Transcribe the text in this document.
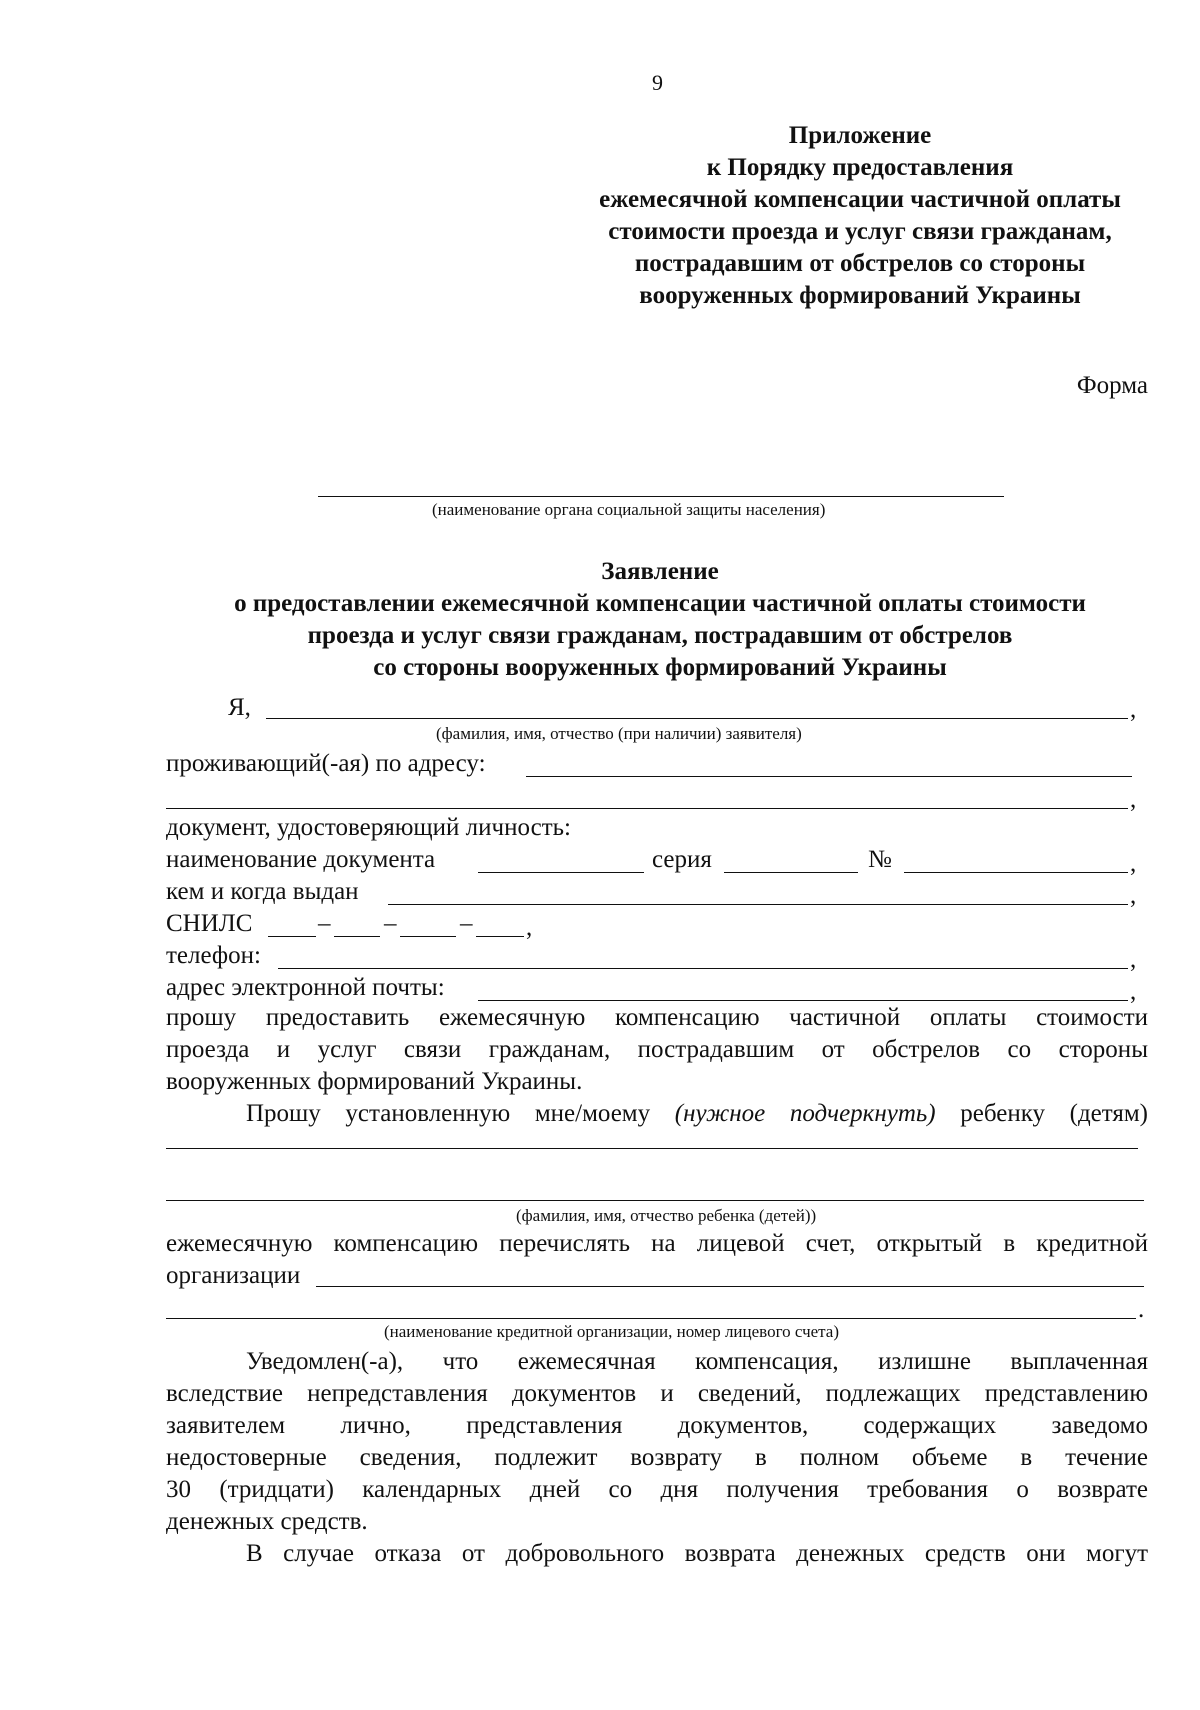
9
Приложение
к Порядку предоставления
ежемесячной компенсации частичной оплаты
стоимости проезда и услуг связи гражданам,
пострадавшим от обстрелов со стороны
вооруженных формирований Украины
Форма
(наименование органа социальной защиты населения)
Заявление
о предоставлении ежемесячной компенсации частичной оплаты стоимости
проезда и услуг связи гражданам, пострадавшим от обстрелов
со стороны вооруженных формирований Украины
Я,	,
(фамилия, имя, отчество (при наличии) заявителя)
проживающий(-ая) по адресу:
,
документ, удостоверяющий личность:
наименование документа	серия	№	,
кем и когда выдан	,
СНИЛС	– –	– ,
телефон:	,
адрес электронной почты:	,
прошу предоставить ежемесячную компенсацию частичной оплаты стоимости
проезда и услуг связи гражданам, пострадавшим от обстрелов со стороны
вооруженных формирований Украины.
Прошу установленную мне/моему (нужное подчеркнуть) ребенку (детям)
(фамилия, имя, отчество ребенка (детей))
ежемесячную компенсацию перечислять на лицевой счет, открытый в кредитной
организации
.
(наименование кредитной организации, номер лицевого счета)
Уведомлен(-а), что ежемесячная компенсация, излишне выплаченная
вследствие непредставления документов и сведений, подлежащих представлению
заявителем лично, представления документов, содержащих заведомо
недостоверные сведения, подлежит возврату в полном объеме в течение
30 (тридцати) календарных дней со дня получения требования о возврате
денежных средств.
В случае отказа от добровольного возврата денежных средств они могут
